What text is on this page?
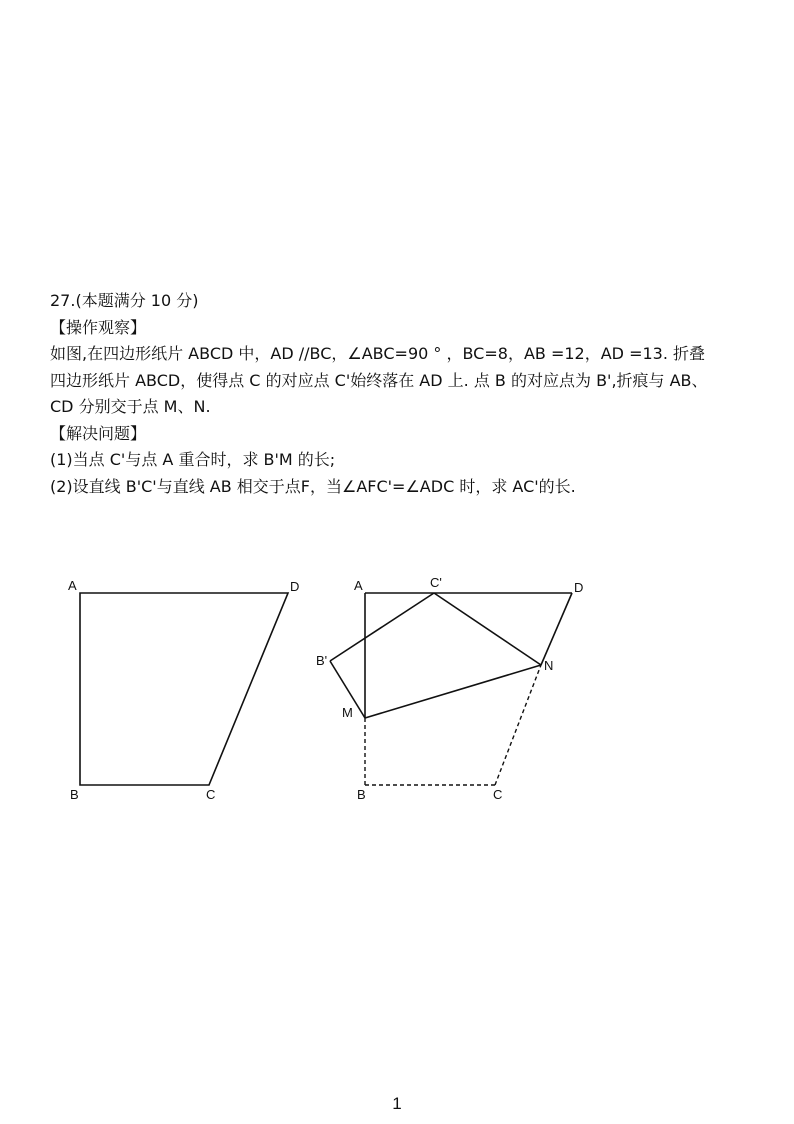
27.(本题满分 10 分)
【操作观察】
如图,在四边形纸片 ABCD 中，AD //BC，∠ABC=90 ° ，BC=8，AB =12，AD =13. 折叠
四边形纸片 ABCD，使得点 C 的对应点 C'始终落在 AD 上. 点 B 的对应点为 B',折痕与 AB、
CD 分别交于点 M、N.
【解决问题】
(1)当点 C'与点 A 重合时，求 B'M 的长;
(2)设直线 B'C'与直线 AB 相交于点F，当∠AFC'=∠ADC 时，求 AC'的长.
A	D
B	C
A	C'	D
B'	N
M
B	C
1
